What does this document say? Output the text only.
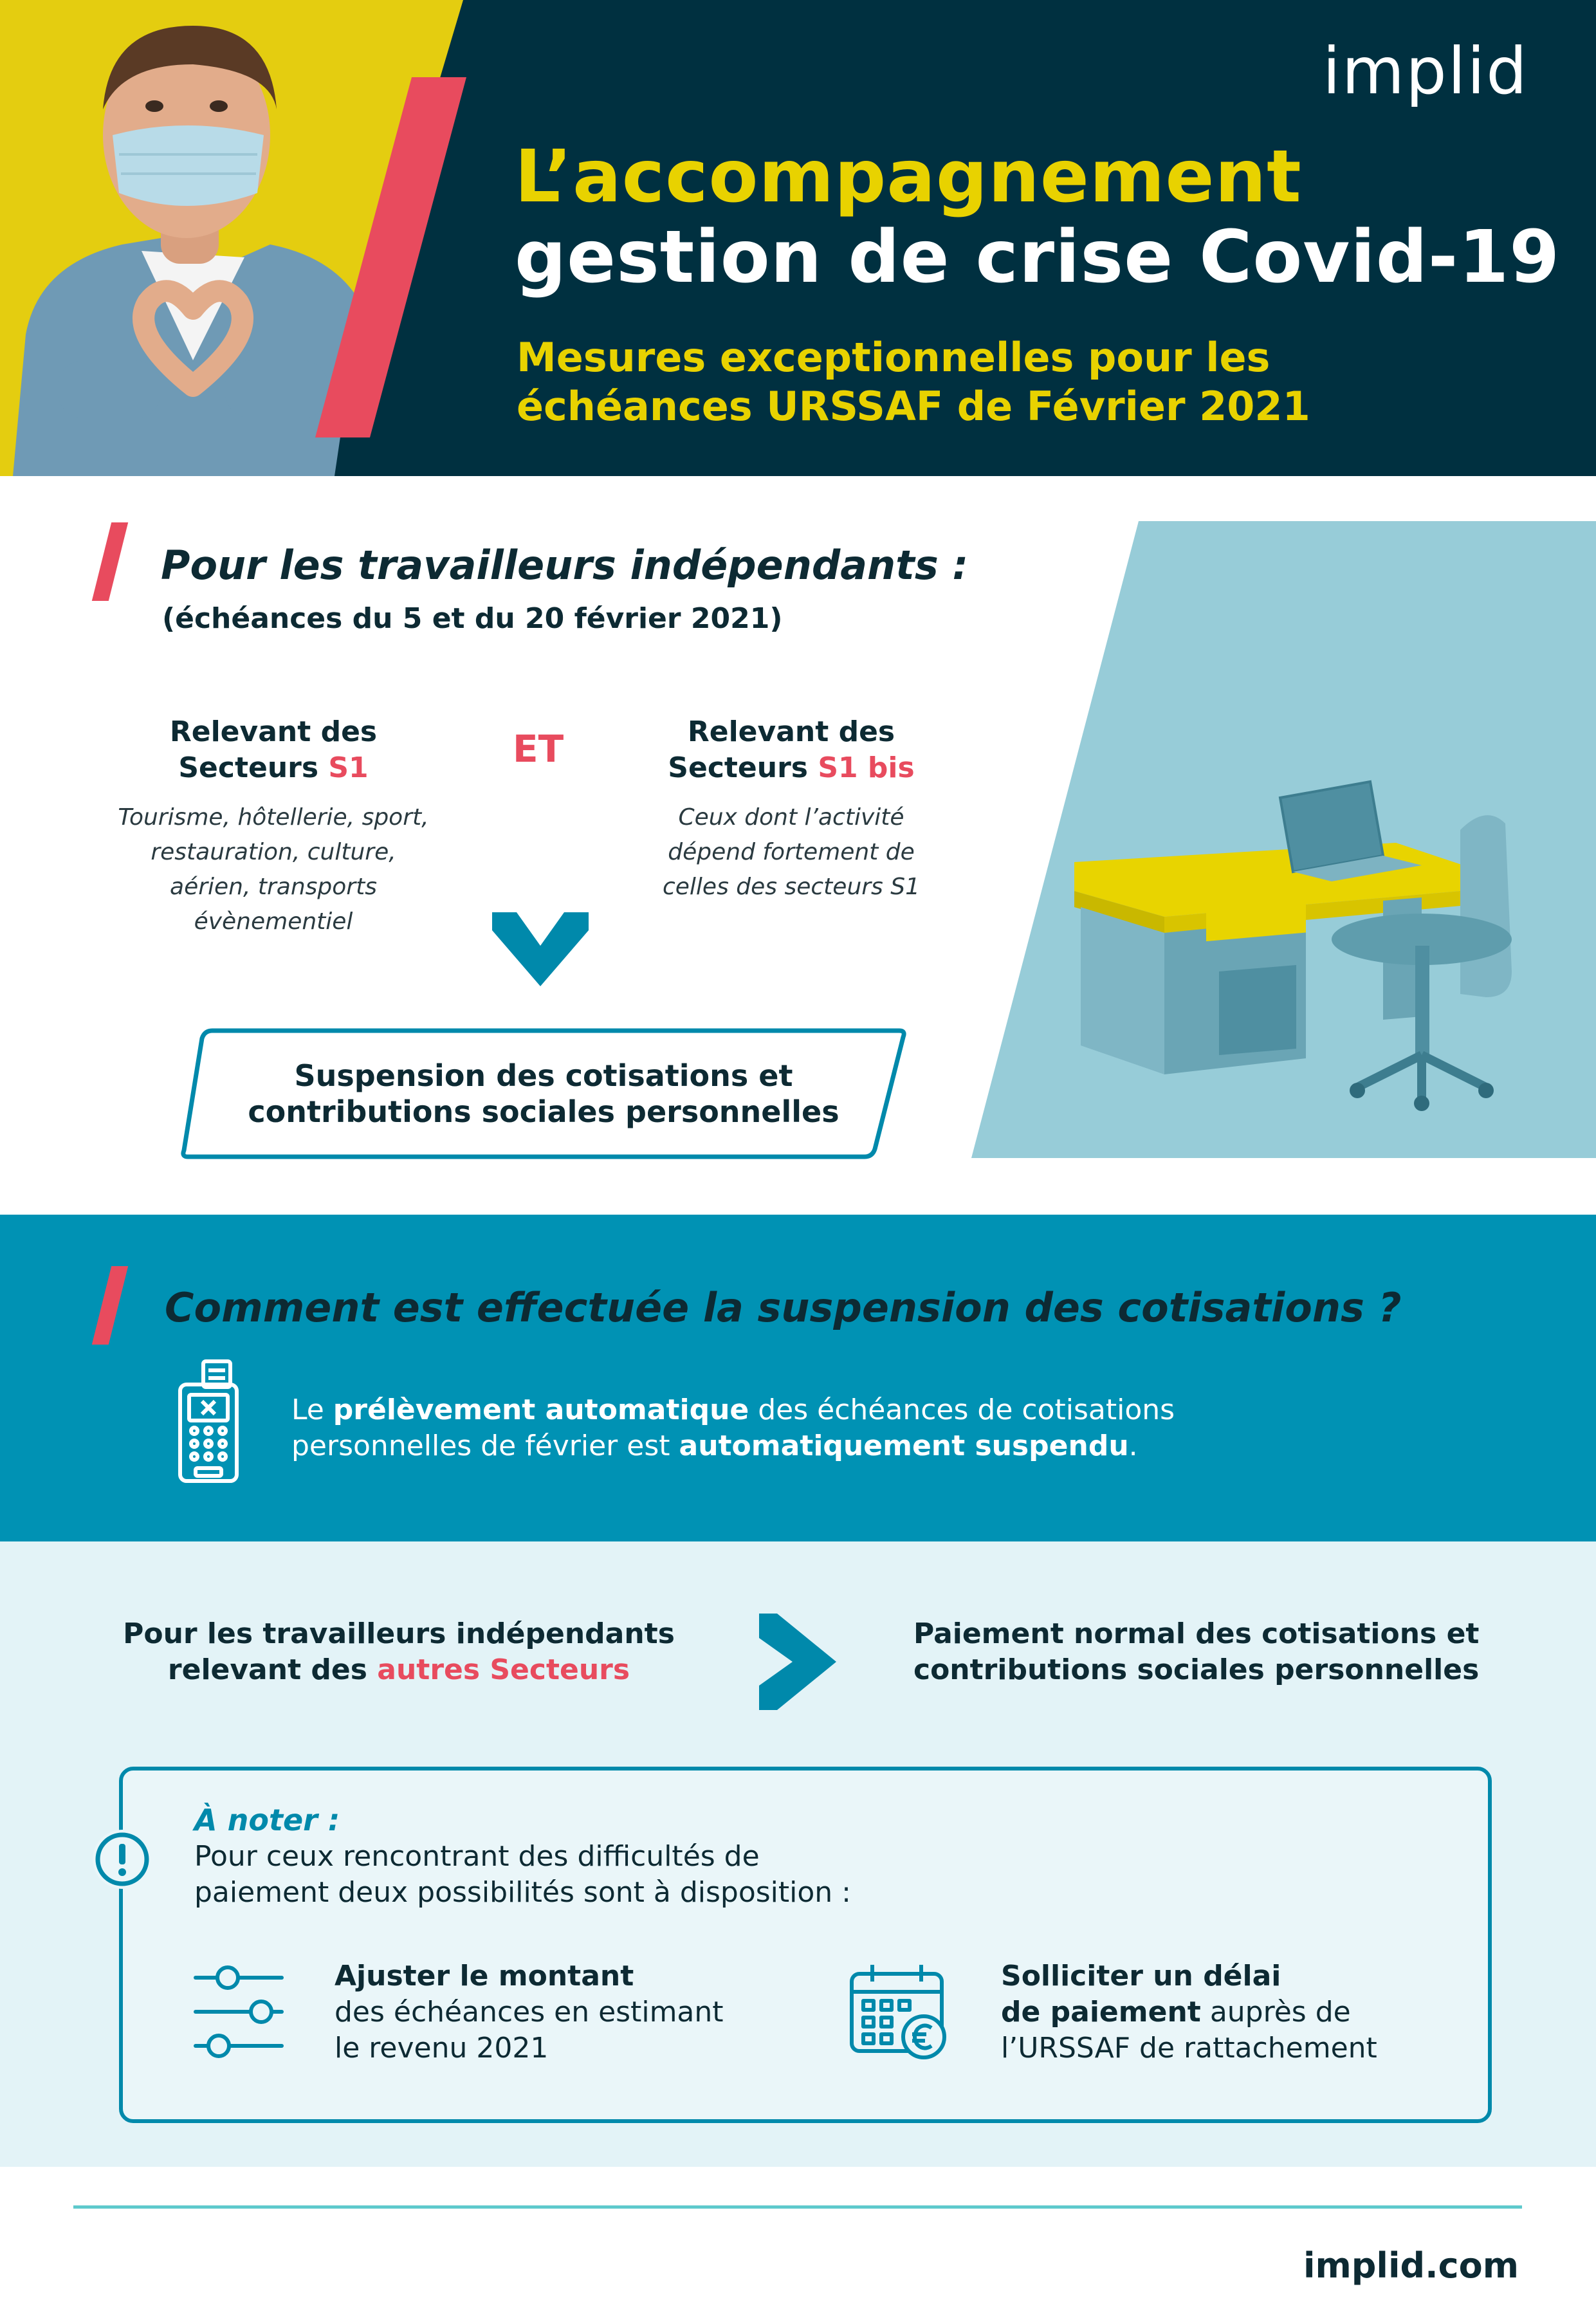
implid
L’accompagnement
gestion de crise Covid-19
Mesures exceptionnelles pour les
échéances URSSAF de Février 2021
Pour les travailleurs indépendants :
(échéances du 5 et du 20 février 2021)
Relevant des
Secteurs S1
Tourisme, hôtellerie, sport,
restauration, culture,
aérien, transports
évènementiel
ET	Relevant des
Secteurs S1 bis
Ceux dont l’activité
dépend fortement de
celles des secteurs S1
Suspension des cotisations et
contributions sociales personnelles
Comment est effectuée la suspension des cotisations ?
Le prélèvement automatique des échéances de cotisations
personnelles de février est automatiquement suspendu.
Pour les travailleurs indépendants
relevant des autres Secteurs
Paiement normal des cotisations et
contributions sociales personnelles
À noter :
Pour ceux rencontrant des difficultés de
paiement deux possibilités sont à disposition :
Ajuster le montant
des échéances en estimant
le revenu 2021
Solliciter un délai
de paiement auprès de
l’URSSAF de rattachement
implid.com
